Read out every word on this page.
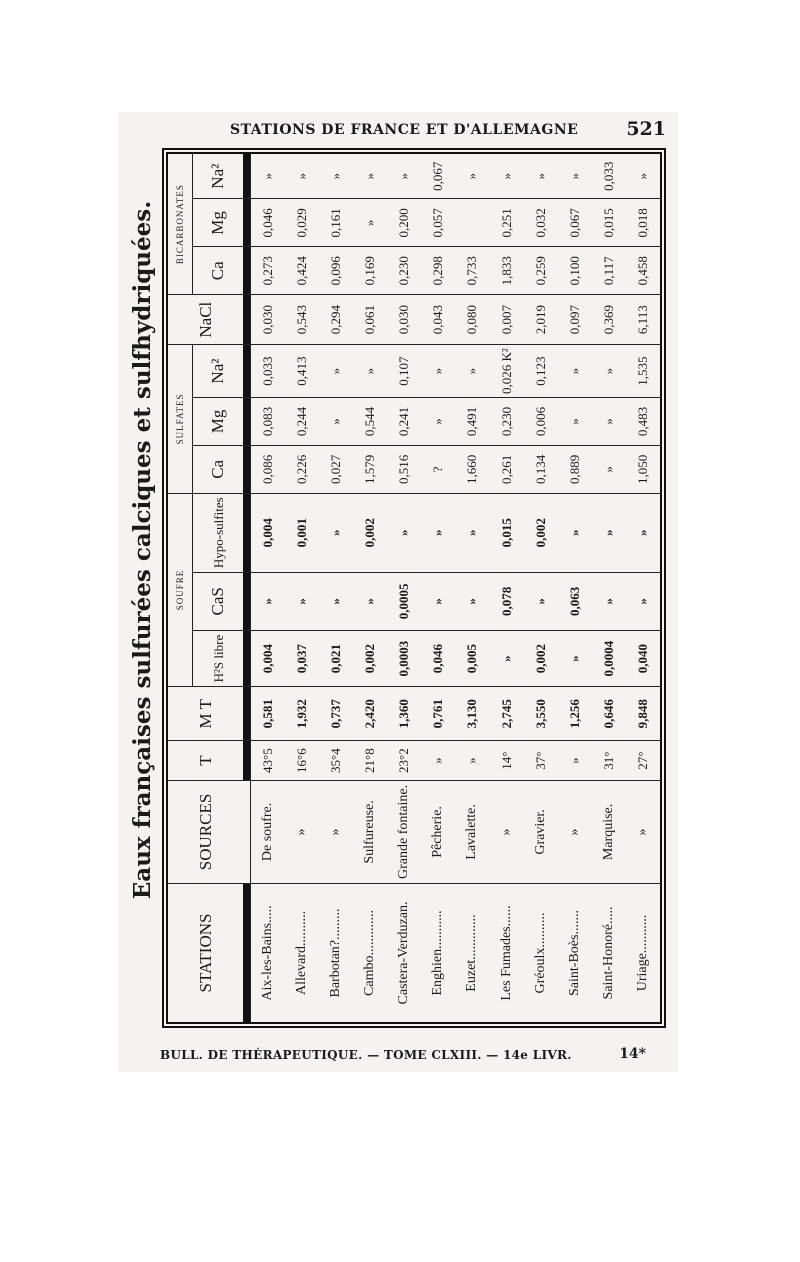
STATIONS DE FRANCE ET D'ALLEMAGNE	521
Eaux françaises sulfurées calciques et sulfhydriquées.
STATIONS	SOURCES	T	M T	SOUFRE			SULFATES			NaCl	BICARBONATES		
				H²S libre	CaS	Hypo-sulfites	Ca	Mg	Na²		Ca	Mg	Na²

Aix-les-Bains.....	De soufre.	43°5	0,581	0,004	»	0,004	0,086	0,083	0,033	0,030	0,273	0,046	»
Allevard..........	»	16°6	1,932	0,037	»	0,001	0,226	0,244	0,413	0,543	0,424	0,029	»
Barbotan?.........	»	35°4	0,737	0,021	»	»	0,027	»	»	0,294	0,096	0,161	»
Cambo.............	Sulfureuse.	21°8	2,420	0,002	»	0,002	1,579	0,544	»	0,061	0,169	»	»
Castera-Verduzan.	Grande fontaine.	23°2	1,360	0,0003	0,0005	»	0,516	0,241	0,107	0,030	0,230	0,200	»
Enghien...........	Pêcherie.	»	0,761	0,046	»	»	?	»	»	0,043	0,298	0,057	0,067
Euzet.............	Lavalette.	»	3,130	0,005	»	»	1,660	0,491	»	0,080	0,733		»
Les Fumades......	»	14°	2,745	»	0,078	0,015	0,261	0,230	0,026 K²	0,007	1,833	0,251	»
Gréoulx..........	Gravier.	37°	3,550	0,002	»	0,002	0,134	0,006	0,123	2,019	0,259	0,032	»
Saint-Boès.......	»	»	1,256	»	0,063	»	0,889	»	»	0,097	0,100	0,067	»
Saint-Honoré.....	Marquise.	31°	0,646	0,0004	»	»	»	»	»	0,369	0,117	0,015	0,033
Uriage...........	»	27°	9,848	0,040	»	»	1,050	0,483	1,535	6,113	0,458	0,018	»
BULL. DE THÉRAPEUTIQUE. — TOME CLXIII. — 14e LIVR.	14*
